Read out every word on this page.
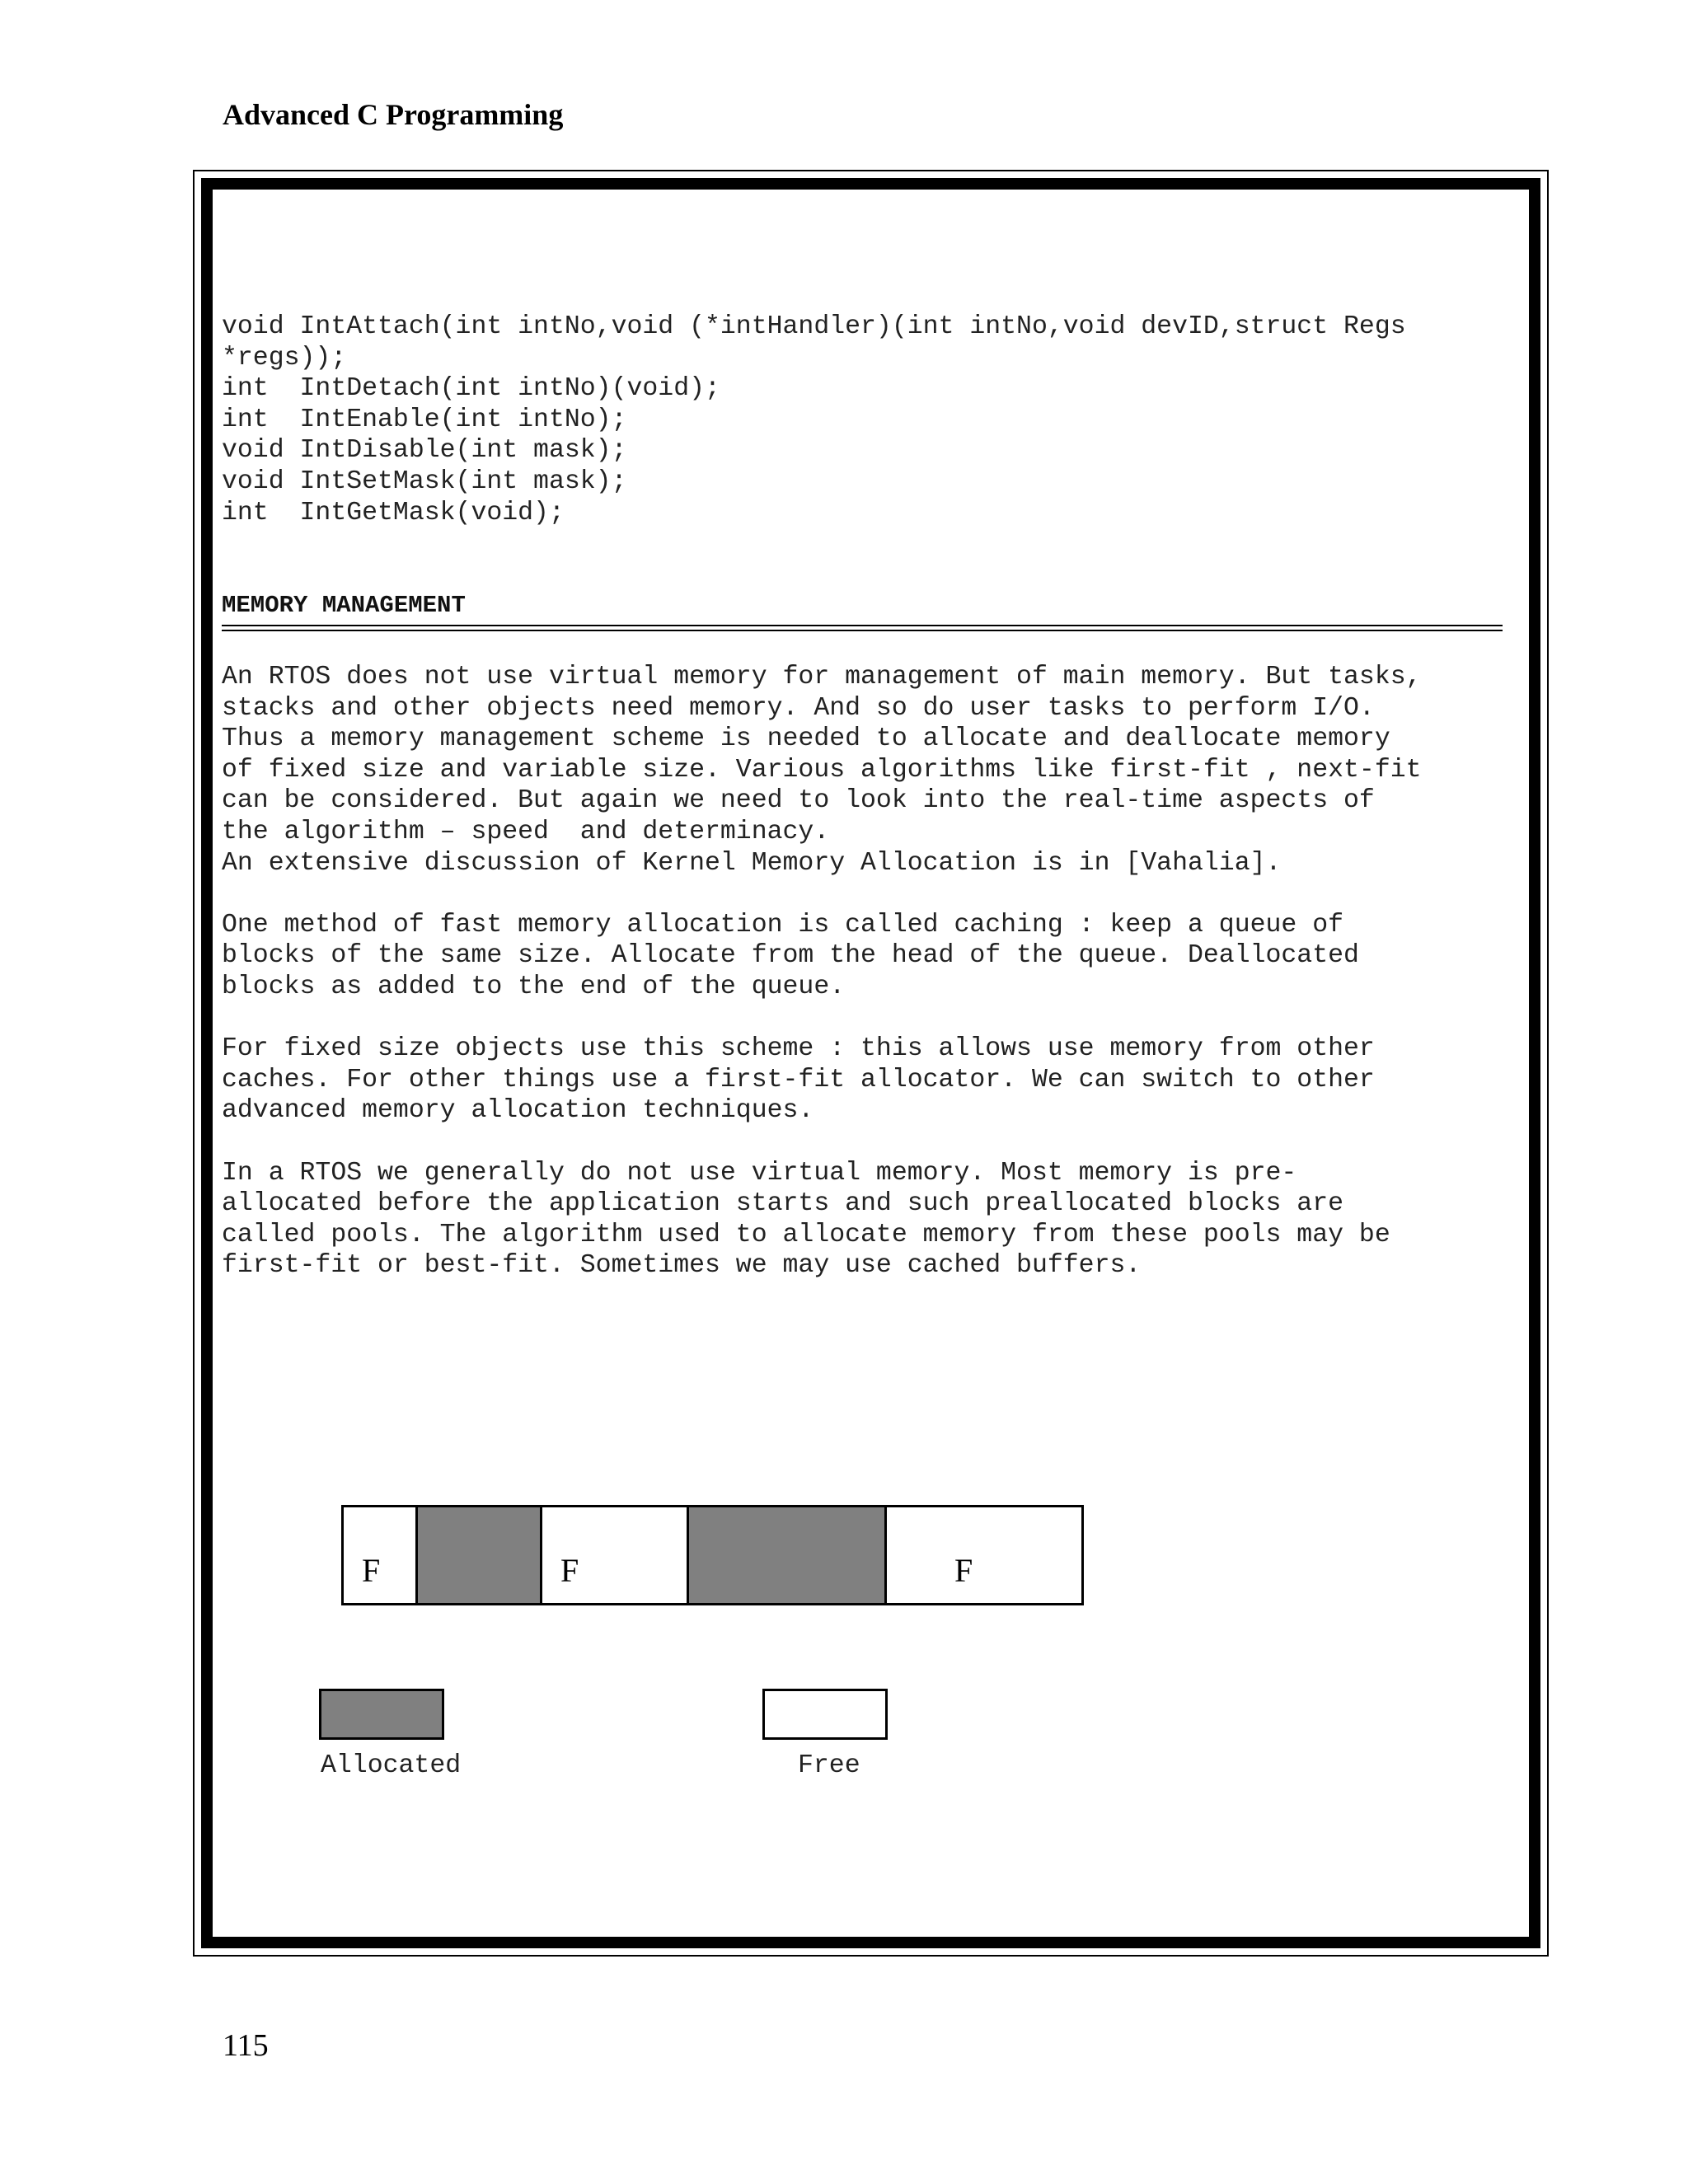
Advanced C Programming
void IntAttach(int intNo,void (*intHandler)(int intNo,void devID,struct Regs
*regs));
int  IntDetach(int intNo)(void);
int  IntEnable(int intNo);
void IntDisable(int mask);
void IntSetMask(int mask);
int  IntGetMask(void);
MEMORY MANAGEMENT
An RTOS does not use virtual memory for management of main memory. But tasks,
stacks and other objects need memory. And so do user tasks to perform I/O.
Thus a memory management scheme is needed to allocate and deallocate memory
of fixed size and variable size. Various algorithms like first-fit , next-fit
can be considered. But again we need to look into the real-time aspects of
the algorithm – speed  and determinacy.
An extensive discussion of Kernel Memory Allocation is in [Vahalia].
One method of fast memory allocation is called caching : keep a queue of
blocks of the same size. Allocate from the head of the queue. Deallocated
blocks as added to the end of the queue.
For fixed size objects use this scheme : this allows use memory from other
caches. For other things use a first-fit allocator. We can switch to other
advanced memory allocation techniques.
In a RTOS we generally do not use virtual memory. Most memory is pre-
allocated before the application starts and such preallocated blocks are
called pools. The algorithm used to allocate memory from these pools may be
first-fit or best-fit. Sometimes we may use cached buffers.
F	F	F
Allocated	Free
115
